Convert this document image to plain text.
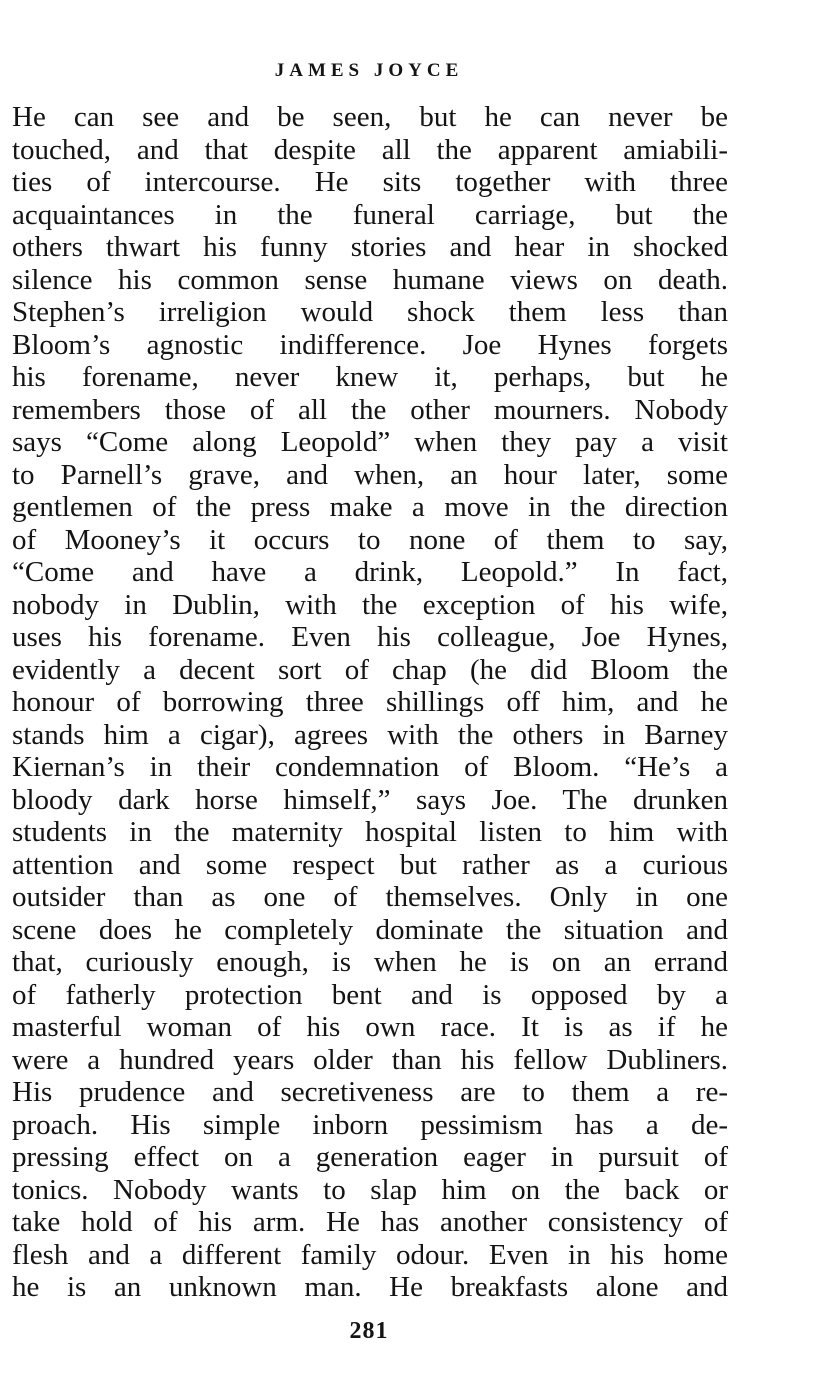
JAMES JOYCE
He can see and be seen, but he can never be
touched, and that despite all the apparent amiabili-
ties of intercourse. He sits together with three
acquaintances in the funeral carriage, but the
others thwart his funny stories and hear in shocked
silence his common sense humane views on death.
Stephen’s irreligion would shock them less than
Bloom’s agnostic indifference. Joe Hynes forgets
his forename, never knew it, perhaps, but he
remembers those of all the other mourners. Nobody
says “Come along Leopold” when they pay a visit
to Parnell’s grave, and when, an hour later, some
gentlemen of the press make a move in the direction
of Mooney’s it occurs to none of them to say,
“Come and have a drink, Leopold.” In fact,
nobody in Dublin, with the exception of his wife,
uses his forename. Even his colleague, Joe Hynes,
evidently a decent sort of chap (he did Bloom the
honour of borrowing three shillings off him, and he
stands him a cigar), agrees with the others in Barney
Kiernan’s in their condemnation of Bloom. “He’s a
bloody dark horse himself,” says Joe. The drunken
students in the maternity hospital listen to him with
attention and some respect but rather as a curious
outsider than as one of themselves. Only in one
scene does he completely dominate the situation and
that, curiously enough, is when he is on an errand
of fatherly protection bent and is opposed by a
masterful woman of his own race. It is as if he
were a hundred years older than his fellow Dubliners.
His prudence and secretiveness are to them a re-
proach. His simple inborn pessimism has a de-
pressing effect on a generation eager in pursuit of
tonics. Nobody wants to slap him on the back or
take hold of his arm. He has another consistency of
flesh and a different family odour. Even in his home
he is an unknown man. He breakfasts alone and
281
